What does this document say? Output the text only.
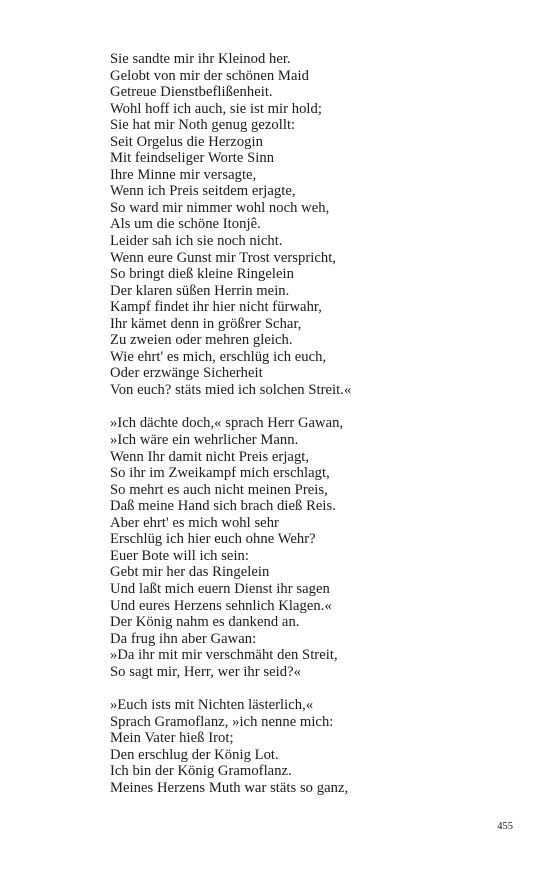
Sie sandte mir ihr Kleinod her.
Gelobt von mir der schönen Maid
Getreue Dienstbeflißenheit.
Wohl hoff ich auch, sie ist mir hold;
Sie hat mir Noth genug gezollt:
Seit Orgelus die Herzogin
Mit feindseliger Worte Sinn
Ihre Minne mir versagte,
Wenn ich Preis seitdem erjagte,
So ward mir nimmer wohl noch weh,
Als um die schöne Itonjê.
Leider sah ich sie noch nicht.
Wenn eure Gunst mir Trost verspricht,
So bringt dieß kleine Ringelein
Der klaren süßen Herrin mein.
Kampf findet ihr hier nicht fürwahr,
Ihr kämet denn in größrer Schar,
Zu zweien oder mehren gleich.
Wie ehrt' es mich, erschlüg ich euch,
Oder erzwänge Sicherheit
Von euch? stäts mied ich solchen Streit.«
»Ich dächte doch,« sprach Herr Gawan,
»Ich wäre ein wehrlicher Mann.
Wenn Ihr damit nicht Preis erjagt,
So ihr im Zweikampf mich erschlagt,
So mehrt es auch nicht meinen Preis,
Daß meine Hand sich brach dieß Reis.
Aber ehrt' es mich wohl sehr
Erschlüg ich hier euch ohne Wehr?
Euer Bote will ich sein:
Gebt mir her das Ringelein
Und laßt mich euern Dienst ihr sagen
Und eures Herzens sehnlich Klagen.«
Der König nahm es dankend an.
Da frug ihn aber Gawan:
»Da ihr mit mir verschmäht den Streit,
So sagt mir, Herr, wer ihr seid?«
»Euch ists mit Nichten lästerlich,«
Sprach Gramoflanz, »ich nenne mich:
Mein Vater hieß Irot;
Den erschlug der König Lot.
Ich bin der König Gramoflanz.
Meines Herzens Muth war stäts so ganz,
455
